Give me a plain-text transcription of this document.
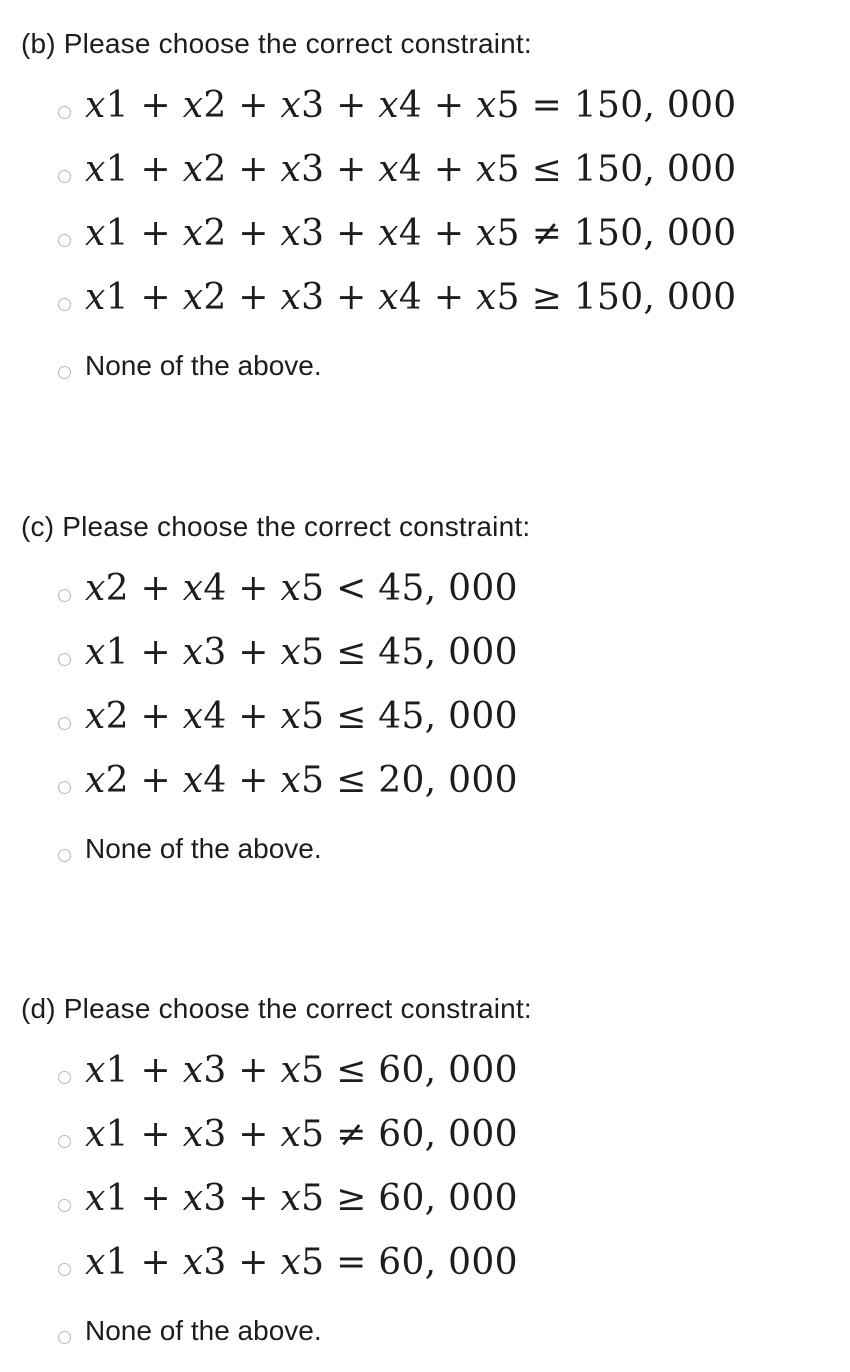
(b) Please choose the correct constraint:
𝑥1 + 𝑥2 + 𝑥3 + 𝑥4 + 𝑥5 = 150, 000
𝑥1 + 𝑥2 + 𝑥3 + 𝑥4 + 𝑥5 ≤ 150, 000
𝑥1 + 𝑥2 + 𝑥3 + 𝑥4 + 𝑥5 ≠ 150, 000
𝑥1 + 𝑥2 + 𝑥3 + 𝑥4 + 𝑥5 ≥ 150, 000
None of the above.
(c) Please choose the correct constraint:
𝑥2 + 𝑥4 + 𝑥5 < 45, 000
𝑥1 + 𝑥3 + 𝑥5 ≤ 45, 000
𝑥2 + 𝑥4 + 𝑥5 ≤ 45, 000
𝑥2 + 𝑥4 + 𝑥5 ≤ 20, 000
None of the above.
(d) Please choose the correct constraint:
𝑥1 + 𝑥3 + 𝑥5 ≤ 60, 000
𝑥1 + 𝑥3 + 𝑥5 ≠ 60, 000
𝑥1 + 𝑥3 + 𝑥5 ≥ 60, 000
𝑥1 + 𝑥3 + 𝑥5 = 60, 000
None of the above.
